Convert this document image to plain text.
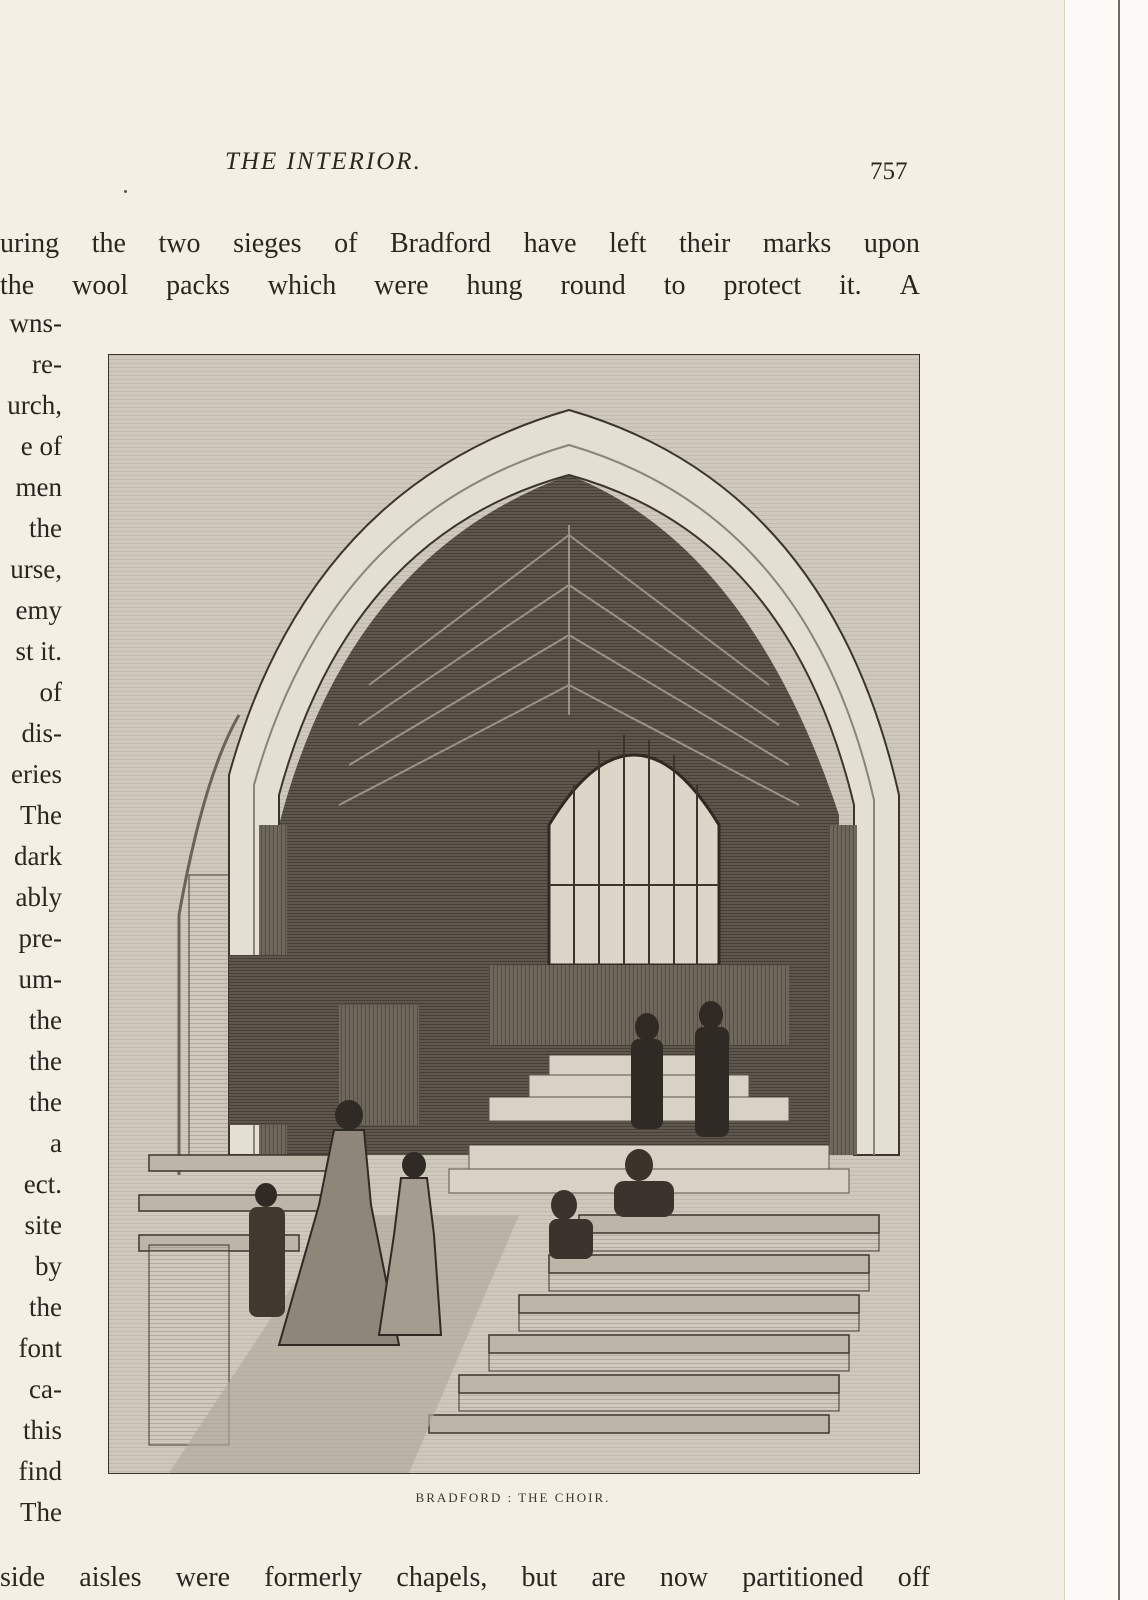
THE INTERIOR.	757
uring the two sieges of Bradford have left their marks upon
the wool packs which were hung round to protect it. A
wns-
re-
urch,
e of
men
the
urse,
emy
st it.
of
dis-
eries
The
dark
ably
pre-
um-
the
the
the
a
ect.
site
by
the
font
ca-
this
find
The	BRADFORD : THE CHOIR.
side aisles were formerly chapels, but are now partitioned off
